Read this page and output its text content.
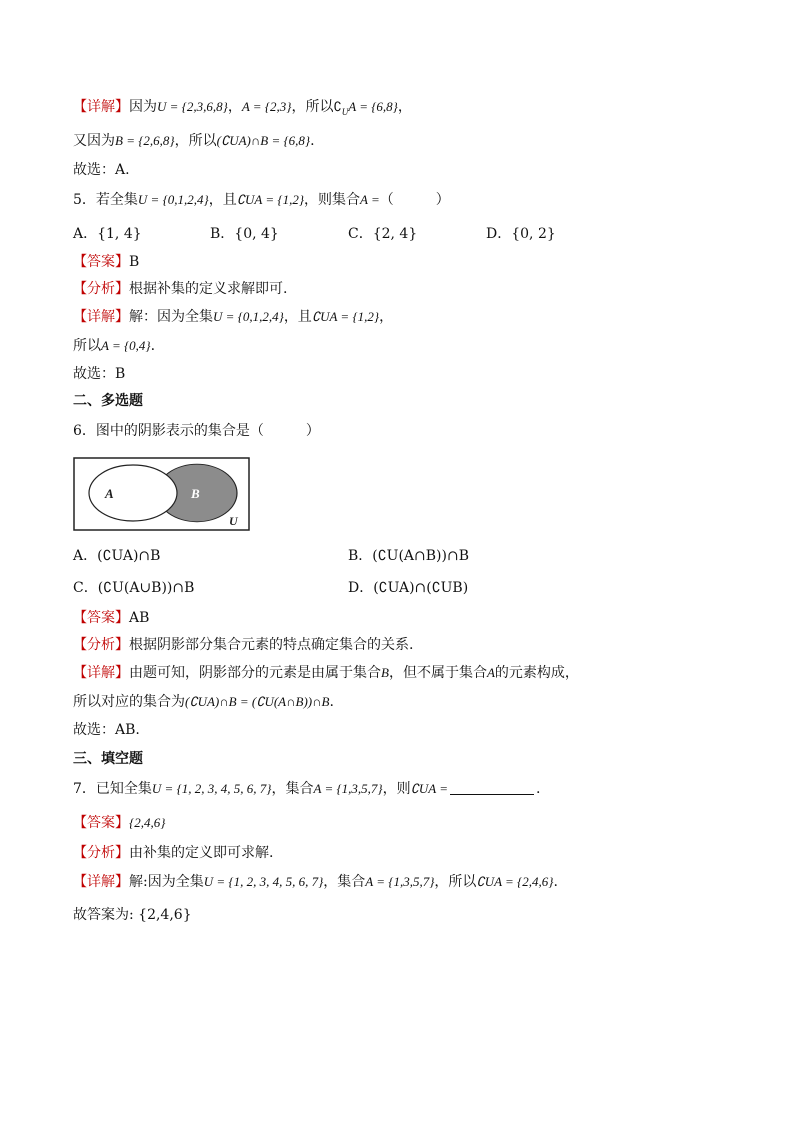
【详解】因为U = {2,3,6,8}，A = {2,3}，所以$∁_UA = \{6,8\}$，
又因为B = {2,6,8}，所以(∁UA)∩B = {6,8}.
故选：A.
5．若全集U = {0,1,2,4}，且∁UA = {1,2}，则集合A =（　　　）
A．{1, 4}	B．{0, 4}	C．{2, 4}	D．{0, 2}
【答案】B
【分析】根据补集的定义求解即可.
【详解】解：因为全集U = {0,1,2,4}，且∁UA = {1,2}，
所以A = {0,4}.
故选：B
二、多选题
6．图中的阴影表示的集合是（　　　）
A	B
U
A．(∁UA)∩B	B．(∁U(A∩B))∩B
C．(∁U(A∪B))∩B	D．(∁UA)∩(∁UB)
【答案】AB
【分析】根据阴影部分集合元素的特点确定集合的关系.
【详解】由题可知，阴影部分的元素是由属于集合B，但不属于集合A的元素构成，
所以对应的集合为(∁UA)∩B = (∁U(A∩B))∩B.
故选：AB.
三、填空题
7．已知全集U = {1, 2, 3, 4, 5, 6, 7}，集合A = {1,3,5,7}，则∁UA =	.
【答案】{2,4,6}
【分析】由补集的定义即可求解.
【详解】解:因为全集U = {1, 2, 3, 4, 5, 6, 7}，集合A = {1,3,5,7}，所以∁UA = {2,4,6}.
故答案为: {2,4,6}
